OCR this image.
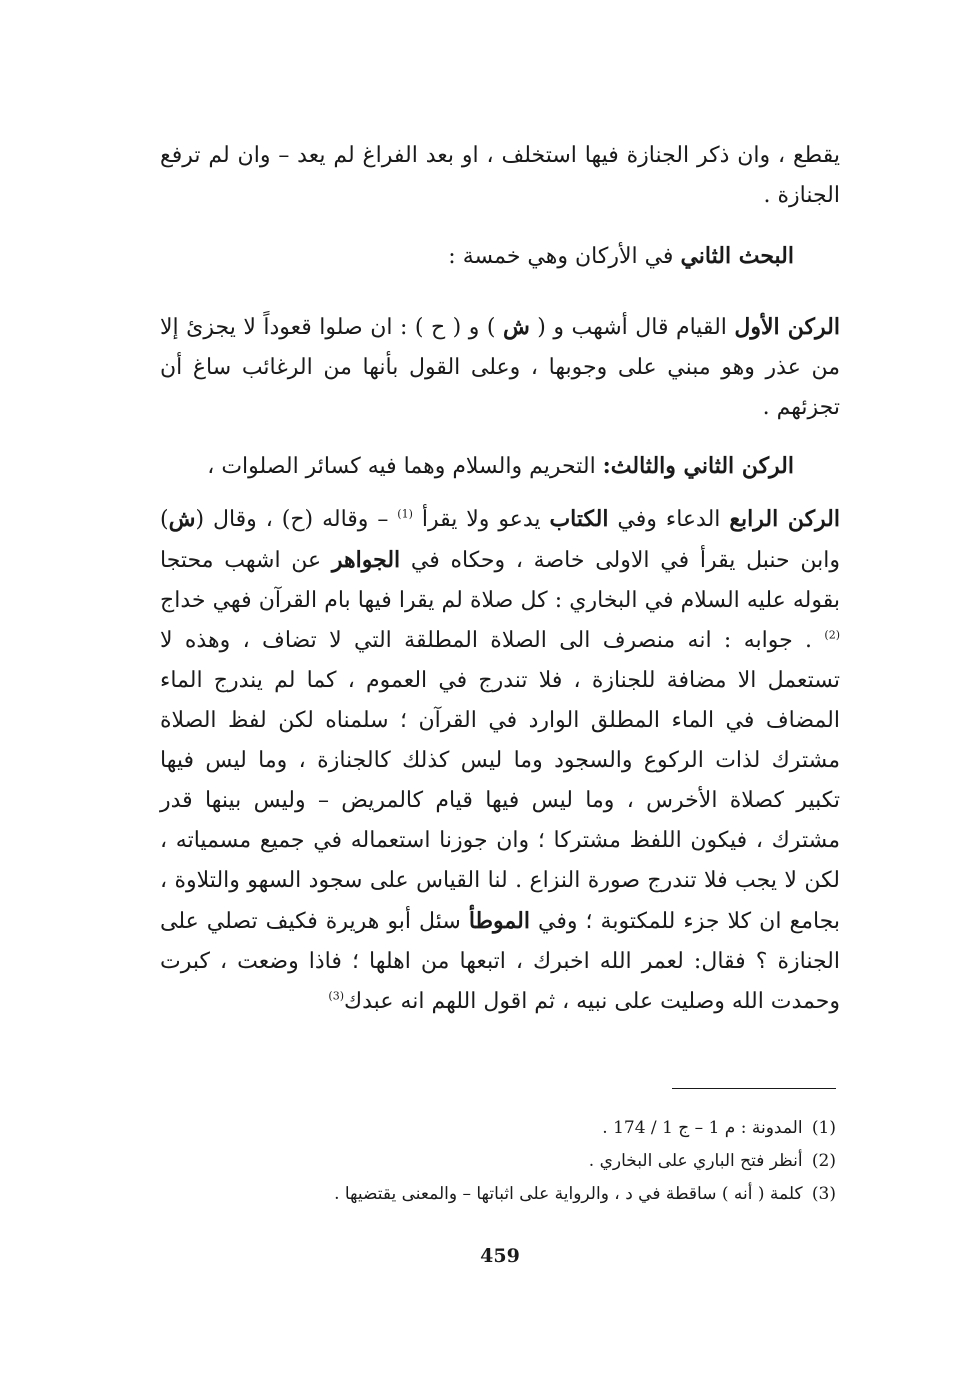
يقطع ، وان ذكر الجنازة فيها استخلف ، او بعد الفراغ لم يعد – وان لم ترفع الجنازة .

البحث الثاني في الأركان وهي خمسة :

الركن الأول القيام قال أشهب و ( ش ) و ( ح ) : ان صلوا قعوداً لا يجزئ إلا من عذر وهو مبني على وجوبها ، وعلى القول بأنها من الرغائب ساغ أن تجزئهم .

الركن الثاني والثالث: التحريم والسلام وهما فيه كسائر الصلوات ،

الركن الرابع الدعاء وفي الكتاب يدعو ولا يقرأ $^{(1)}$ – وقاله (ح) ، وقال (ش) وابن حنبل يقرأ في الاولى خاصة ، وحكاه في الجواهر عن اشهب محتجا بقوله عليه السلام في البخاري : كل صلاة لم يقرا فيها بام القرآن فهي خداج $^{(2)}$ . جوابه : انه منصرف الى الصلاة المطلقة التي لا تضاف ، وهذه لا تستعمل الا مضافة للجنازة ، فلا تندرج في العموم ، كما لم يندرج الماء المضاف في الماء المطلق الوارد في القرآن ؛ سلمناه لكن لفظ الصلاة مشترك لذات الركوع والسجود وما ليس كذلك كالجنازة ، وما ليس فيها تكبير كصلاة الأخرس ، وما ليس فيها قيام كالمريض – وليس بينها قدر مشترك ، فيكون اللفظ مشتركا ؛ وان جوزنا استعماله في جميع مسمياته ، لكن لا يجب فلا تندرج صورة النزاع . لنا القياس على سجود السهو والتلاوة ، بجامع ان كلا جزء للمكتوبة ؛ وفي الموطأ سئل أبو هريرة فكيف تصلي على الجنازة ؟ فقال: لعمر الله اخبرك ، اتبعها من اهلها ؛ فاذا وضعت ، كبرت وحمدت الله وصليت على نبيه ، ثم اقول اللهم انه عبدك$^{(3)}$

(1) المدونة : م 1 – ج 1 / 174 .
(2) أنظر فتح الباري على البخاري .
(3) كلمة ( أنه ) ساقطة في د ، والرواية على اثباتها – والمعنى يقتضيها .
459
